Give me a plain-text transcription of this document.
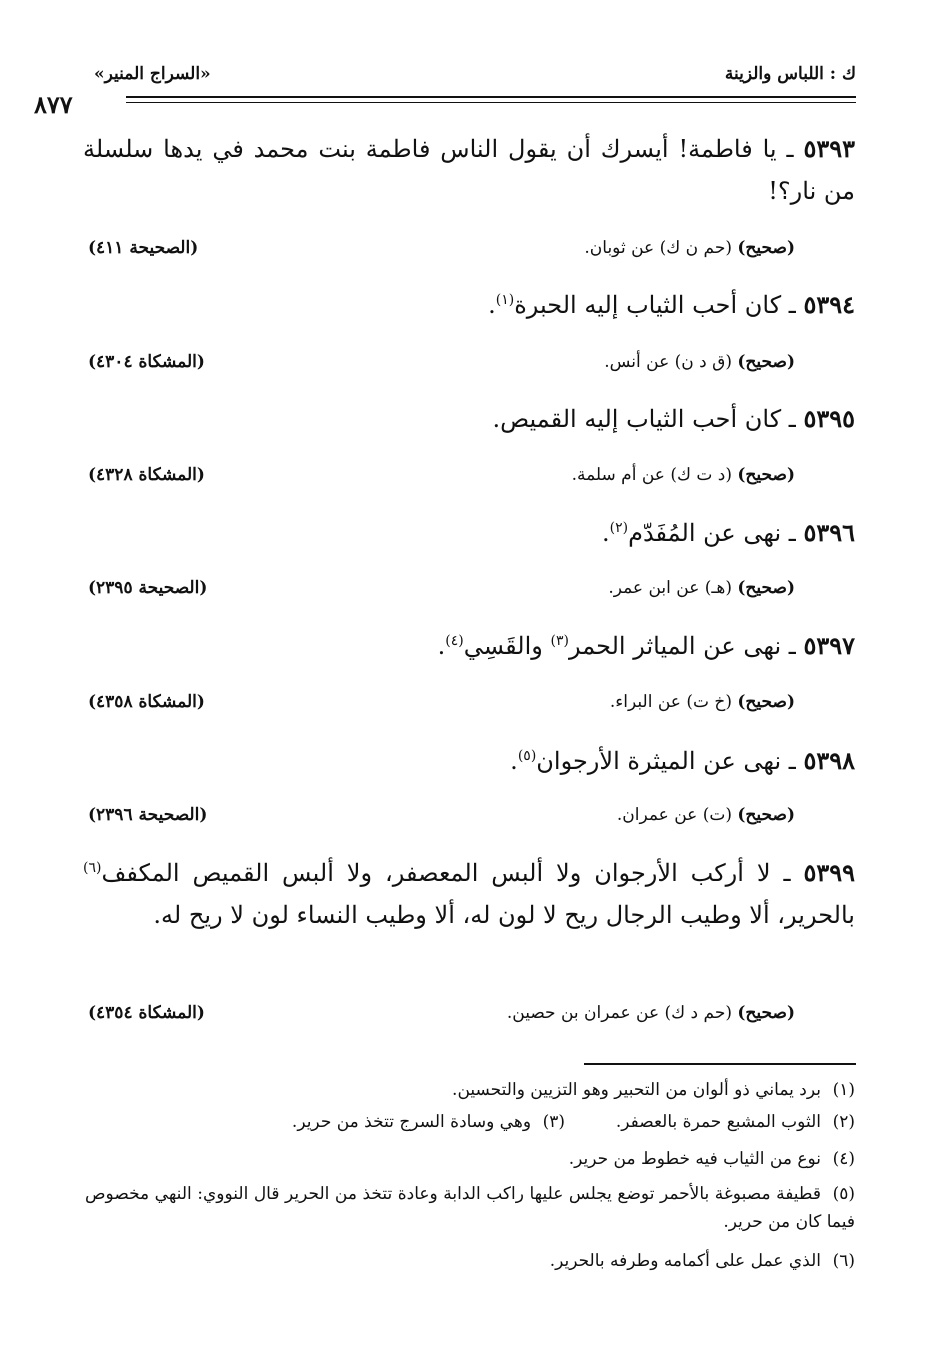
ك : اللباس والزينة
«السراج المنير»
٨٧٧
٥٣٩٣ ـ يا فاطمة! أيسرك أن يقول الناس فاطمة بنت محمد في يدها سلسلة من نار؟!
(صحيح) (حم ن ك) عن ثوبان.
(الصحيحة ٤١١)
٥٣٩٤ ـ كان أحب الثياب إليه الحبرة$^{(١)}$.
(صحيح) (ق د ن) عن أنس.
(المشكاة ٤٣٠٤)
٥٣٩٥ ـ كان أحب الثياب إليه القميص.
(صحيح) (د ت ك) عن أم سلمة.
(المشكاة ٤٣٢٨)
٥٣٩٦ ـ نهى عن المُفَدّم$^{(٢)}$.
(صحيح) (هـ) عن ابن عمر.
(الصحيحة ٢٣٩٥)
٥٣٩٧ ـ نهى عن المياثر الحمر$^{(٣)}$ والقَسِي$^{(٤)}$.
(صحيح) (خ ت) عن البراء.
(المشكاة ٤٣٥٨)
٥٣٩٨ ـ نهى عن الميثرة الأرجوان$^{(٥)}$.
(صحيح) (ت) عن عمران.
(الصحيحة ٢٣٩٦)
٥٣٩٩ ـ لا أركب الأرجوان ولا ألبس المعصفر، ولا ألبس القميص المكفف$^{(٦)}$ بالحرير، ألا وطيب الرجال ريح لا لون له، ألا وطيب النساء لون لا ريح له.
(صحيح) (حم د ك) عن عمران بن حصين.
(المشكاة ٤٣٥٤)
(١)برد يماني ذو ألوان من التحبير وهو التزيين والتحسين.
(٢)الثوب المشبع حمرة بالعصفر.  (٣)وهي وسادة السرج تتخذ من حرير.
(٤)نوع من الثياب فيه خطوط من حرير.
(٥)قطيفة مصبوغة بالأحمر توضع يجلس عليها راكب الدابة وعادة تتخذ من الحرير قال النووي: النهي مخصوص فيما كان من حرير.
(٦)الذي عمل على أكمامه وطرفه بالحرير.
